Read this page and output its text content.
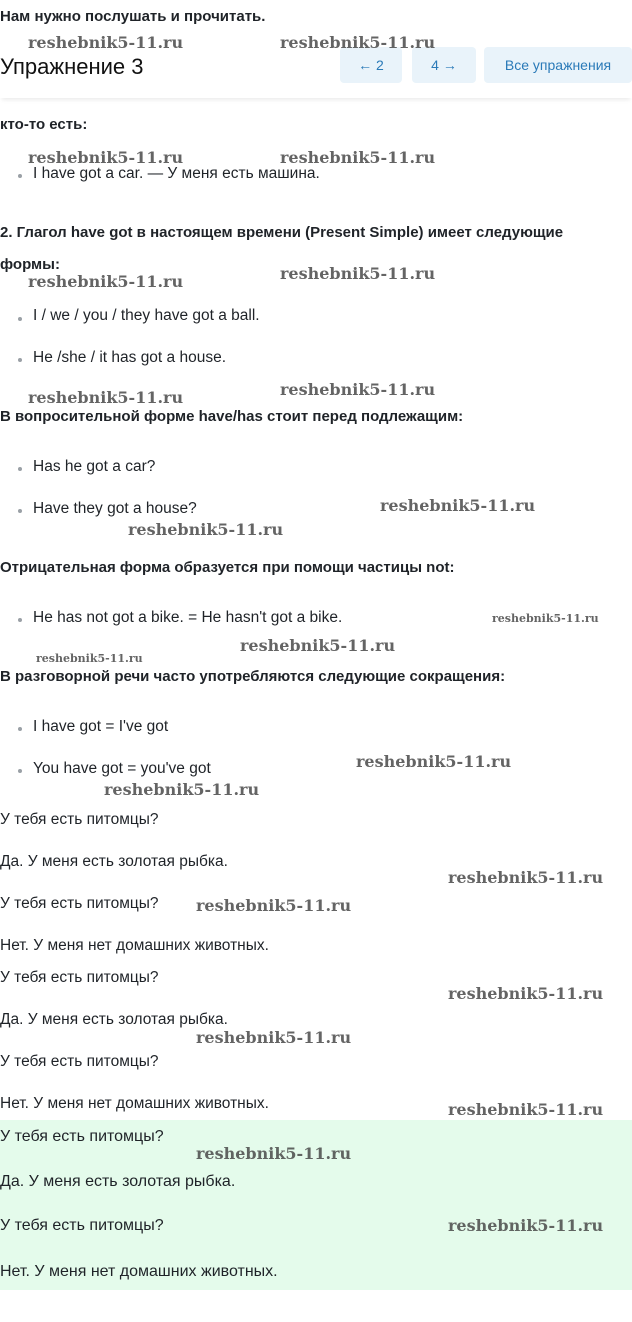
Нам нужно послушать и прочитать.
Упражнение 3	← 2	4 →	Все упражнения
кто-то есть:
I have got a car. — У меня есть машина.
2. Глагол have got в настоящем времени (Present Simple) имеет следующие
формы:
I / we / you / they have got a ball.
He /she / it has got a house.
В вопросительной форме have/has стоит перед подлежащим:
Has he got a car?
Have they got a house?
Отрицательная форма образуется при помощи частицы not:
He has not got a bike. = He hasn't got a bike.
В разговорной речи часто употребляются следующие сокращения:
I have got = I've got
You have got = you've got
У тебя есть питомцы?
Да. У меня есть золотая рыбка.
У тебя есть питомцы?
Нет. У меня нет домашних животных.
У тебя есть питомцы?
Да. У меня есть золотая рыбка.
У тебя есть питомцы?
Нет. У меня нет домашних животных.
У тебя есть питомцы?
Да. У меня есть золотая рыбка.
У тебя есть питомцы?
Нет. У меня нет домашних животных.
reshebnik5-11.ru	reshebnik5-11.ru
reshebnik5-11.ru	reshebnik5-11.ru
reshebnik5-11.ru	reshebnik5-11.ru
reshebnik5-11.ru	reshebnik5-11.ru
reshebnik5-11.ru
reshebnik5-11.ru
reshebnik5-11.ru
reshebnik5-11.ru
reshebnik5-11.ru
reshebnik5-11.ru
reshebnik5-11.ru
reshebnik5-11.ru
reshebnik5-11.ru
reshebnik5-11.ru
reshebnik5-11.ru
reshebnik5-11.ru
reshebnik5-11.ru
reshebnik5-11.ru
